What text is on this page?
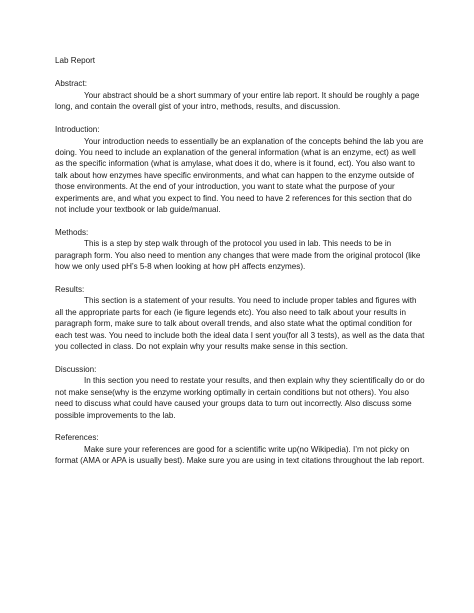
Lab Report

Abstract:

Your abstract should be a short summary of your entire lab report. It should be roughly a page long, and contain the overall gist of your intro, methods, results, and discussion.

Introduction:

Your introduction needs to essentially be an explanation of the concepts behind the lab you are doing. You need to include an explanation of the general information (what is an enzyme, ect) as well as the specific information (what is amylase, what does it do, where is it found, ect). You also want to talk about how enzymes have specific environments, and what can happen to the enzyme outside of those environments. At the end of your introduction, you want to state what the purpose of your experiments are, and what you expect to find. You need to have 2 references for this section that do not include your textbook or lab guide/manual.

Methods:

This is a step by step walk through of the protocol you used in lab. This needs to be in paragraph form. You also need to mention any changes that were made from the original protocol (like how we only used pH’s 5-8 when looking at how pH affects enzymes).

Results:

This section is a statement of your results. You need to include proper tables and figures with all the appropriate parts for each (ie figure legends etc). You also need to talk about your results in paragraph form, make sure to talk about overall trends, and also state what the optimal condition for each test was. You need to include both the ideal data I sent you(for all 3 tests), as well as the data that you collected in class. Do not explain why your results make sense in this section.

Discussion:

In this section you need to restate your results, and then explain why they scientifically do or do not make sense(why is the enzyme working optimally in certain conditions but not others). You also need to discuss what could have caused your groups data to turn out incorrectly. Also discuss some possible improvements to the lab.

References:

Make sure your references are good for a scientific write up(no Wikipedia). I’m not picky on format (AMA or APA is usually best). Make sure you are using in text citations throughout the lab report.
